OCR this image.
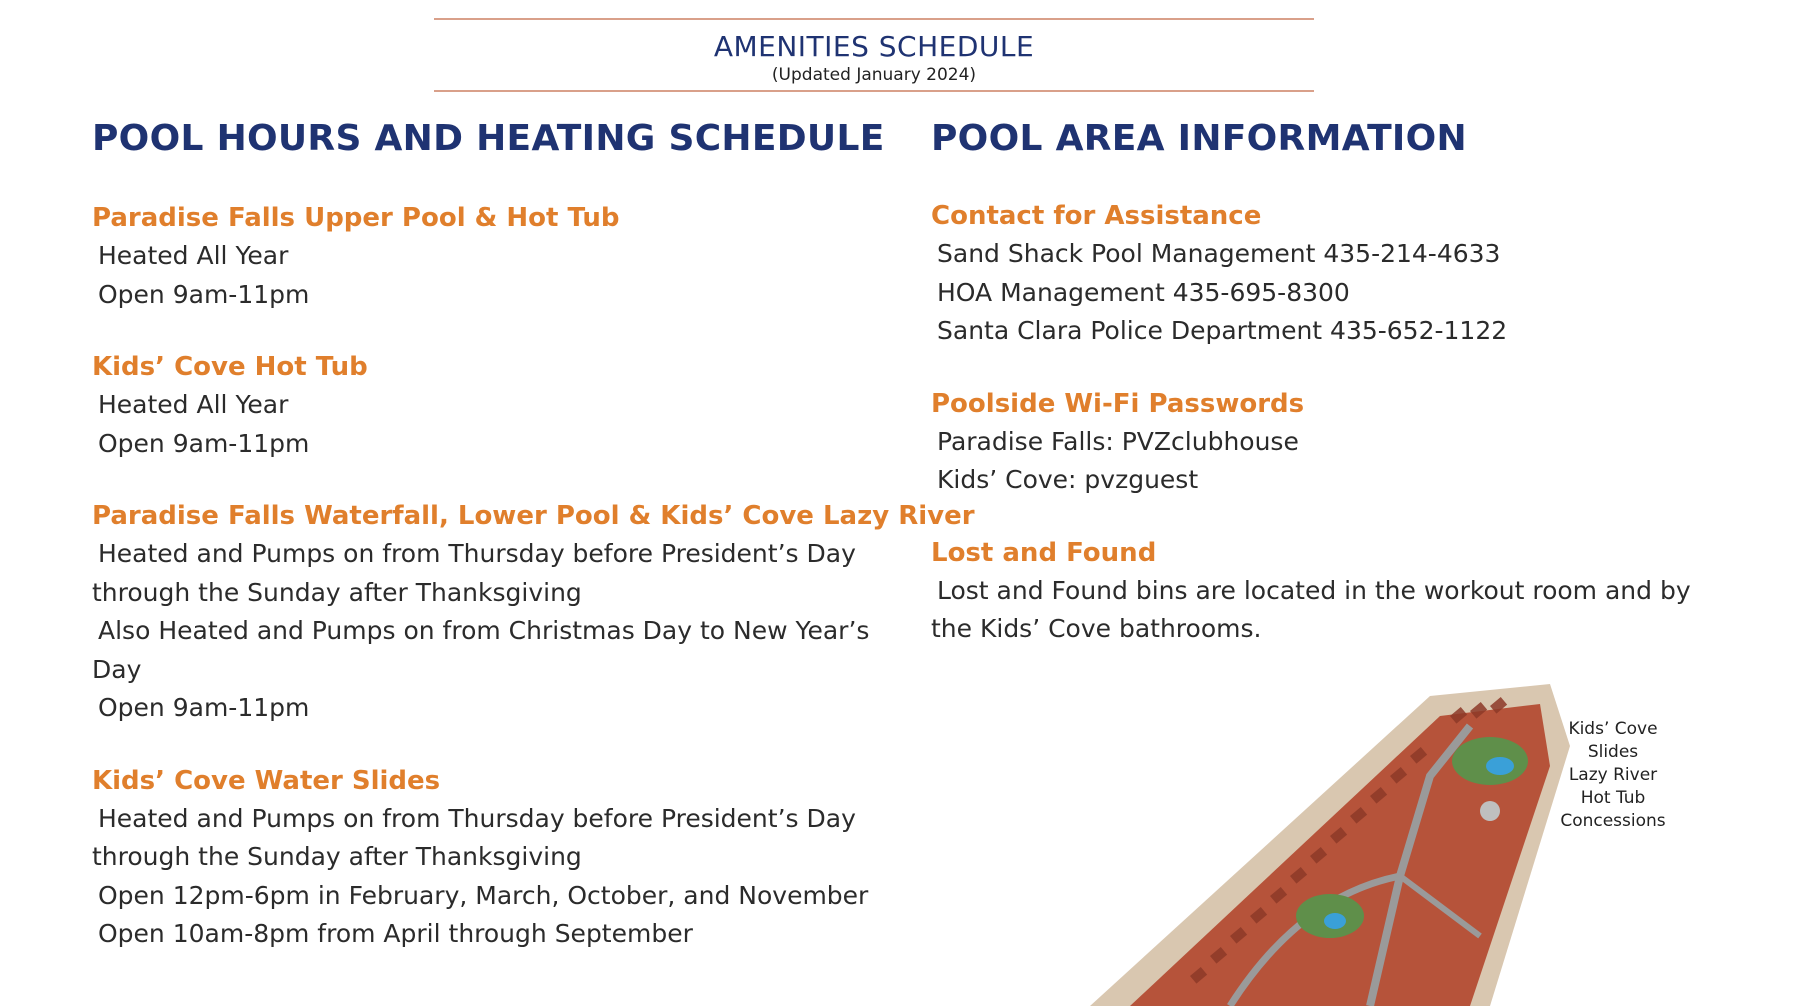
AMENITIES SCHEDULE
(Updated January 2024)
POOL HOURS AND HEATING SCHEDULE
Paradise Falls Upper Pool & Hot Tub

Heated All Year

Open 9am-11pm

Kids’ Cove Hot Tub

Heated All Year

Open 9am-11pm

Paradise Falls Waterfall, Lower Pool & Kids’ Cove Lazy River

Heated and Pumps on from Thursday before President’s Day through the Sunday after Thanksgiving

Also Heated and Pumps on from Christmas Day to New Year’s Day

Open 9am-11pm

Kids’ Cove Water Slides

Heated and Pumps on from Thursday before President’s Day through the Sunday after Thanksgiving

Open 12pm-6pm in February, March, October, and November

Open 10am-8pm from April through September

POOL AREA INFORMATION
Contact for Assistance

Sand Shack Pool Management 435-214-4633

HOA Management 435-695-8300

Santa Clara Police Department 435-652-1122

Poolside Wi-Fi Passwords

Paradise Falls: PVZclubhouse

Kids’ Cove: pvzguest

Lost and Found

Lost and Found bins are located in the workout room and by the Kids’ Cove bathrooms.

Kids’ Cove
Slides
Lazy River
Hot Tub
Concessions
